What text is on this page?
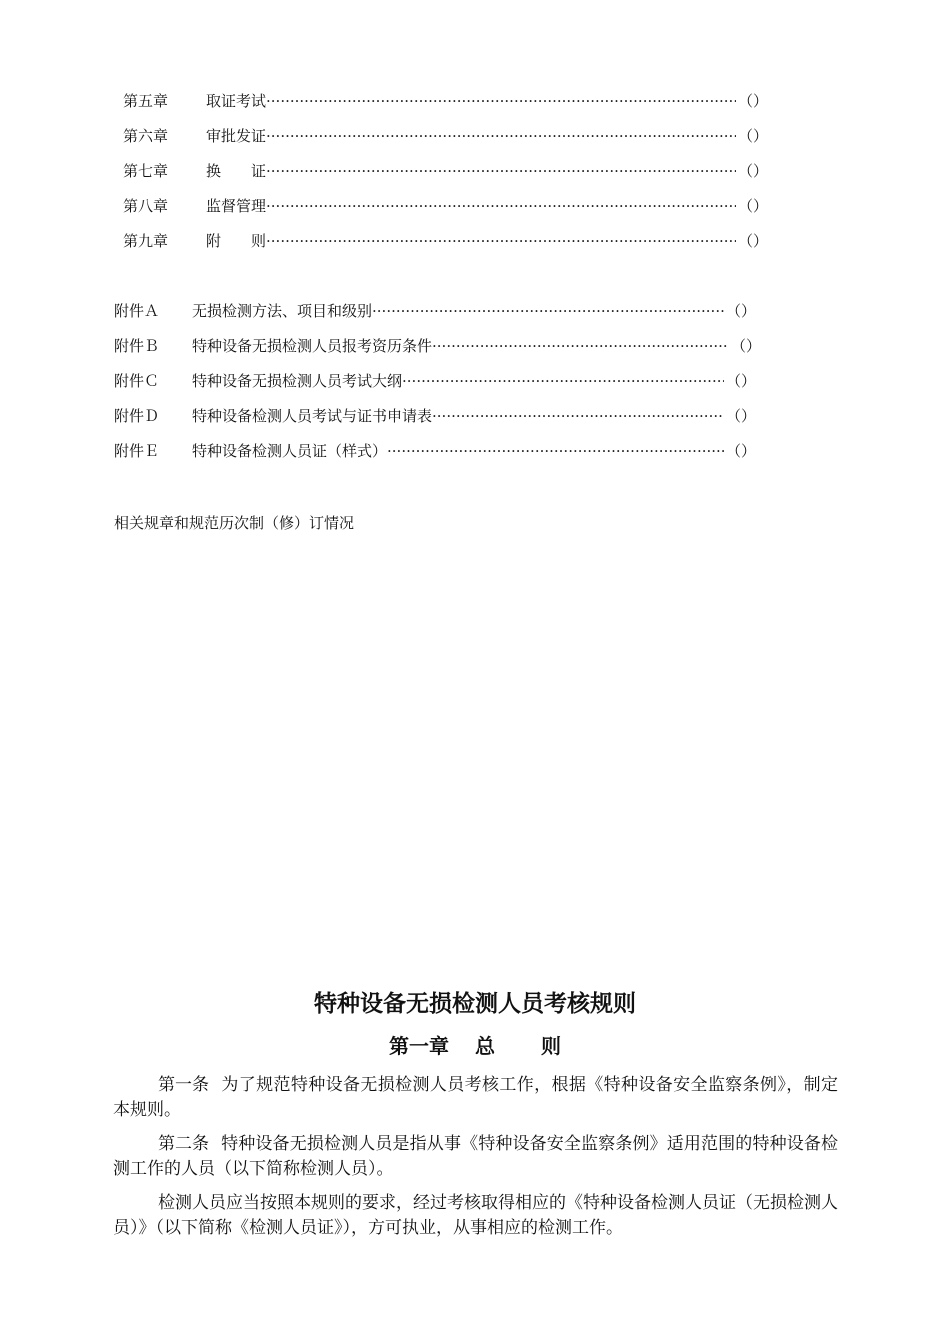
第五章	取证考试 ·····	（）
第六章	审批发证 ·····	（）
第七章	换　　证 ·····	（）
第八章	监督管理 ·····	（）
第九章	附　　则 ·····	（）
附件Ａ	无损检测方法、项目和级别 ·····	（）
附件Ｂ	特种设备无损检测人员报考资历条件 ·····	（）
附件Ｃ	特种设备无损检测人员考试大纲 ·····	（）
附件Ｄ	特种设备检测人员考试与证书申请表 ·····	（）
附件Ｅ	特种设备检测人员证（样式） ·····	（）
相关规章和规范历次制（修）订情况
特种设备无损检测人员考核规则
第一章 总 则

第一条 为了规范特种设备无损检测人员考核工作，根据《特种设备安全监察条例》，制定本规则。

第二条 特种设备无损检测人员是指从事《特种设备安全监察条例》适用范围的特种设备检测工作的人员（以下简称检测人员）。

检测人员应当按照本规则的要求，经过考核取得相应的《特种设备检测人员证（无损检测人员）》（以下简称《检测人员证》），方可执业，从事相应的检测工作。
